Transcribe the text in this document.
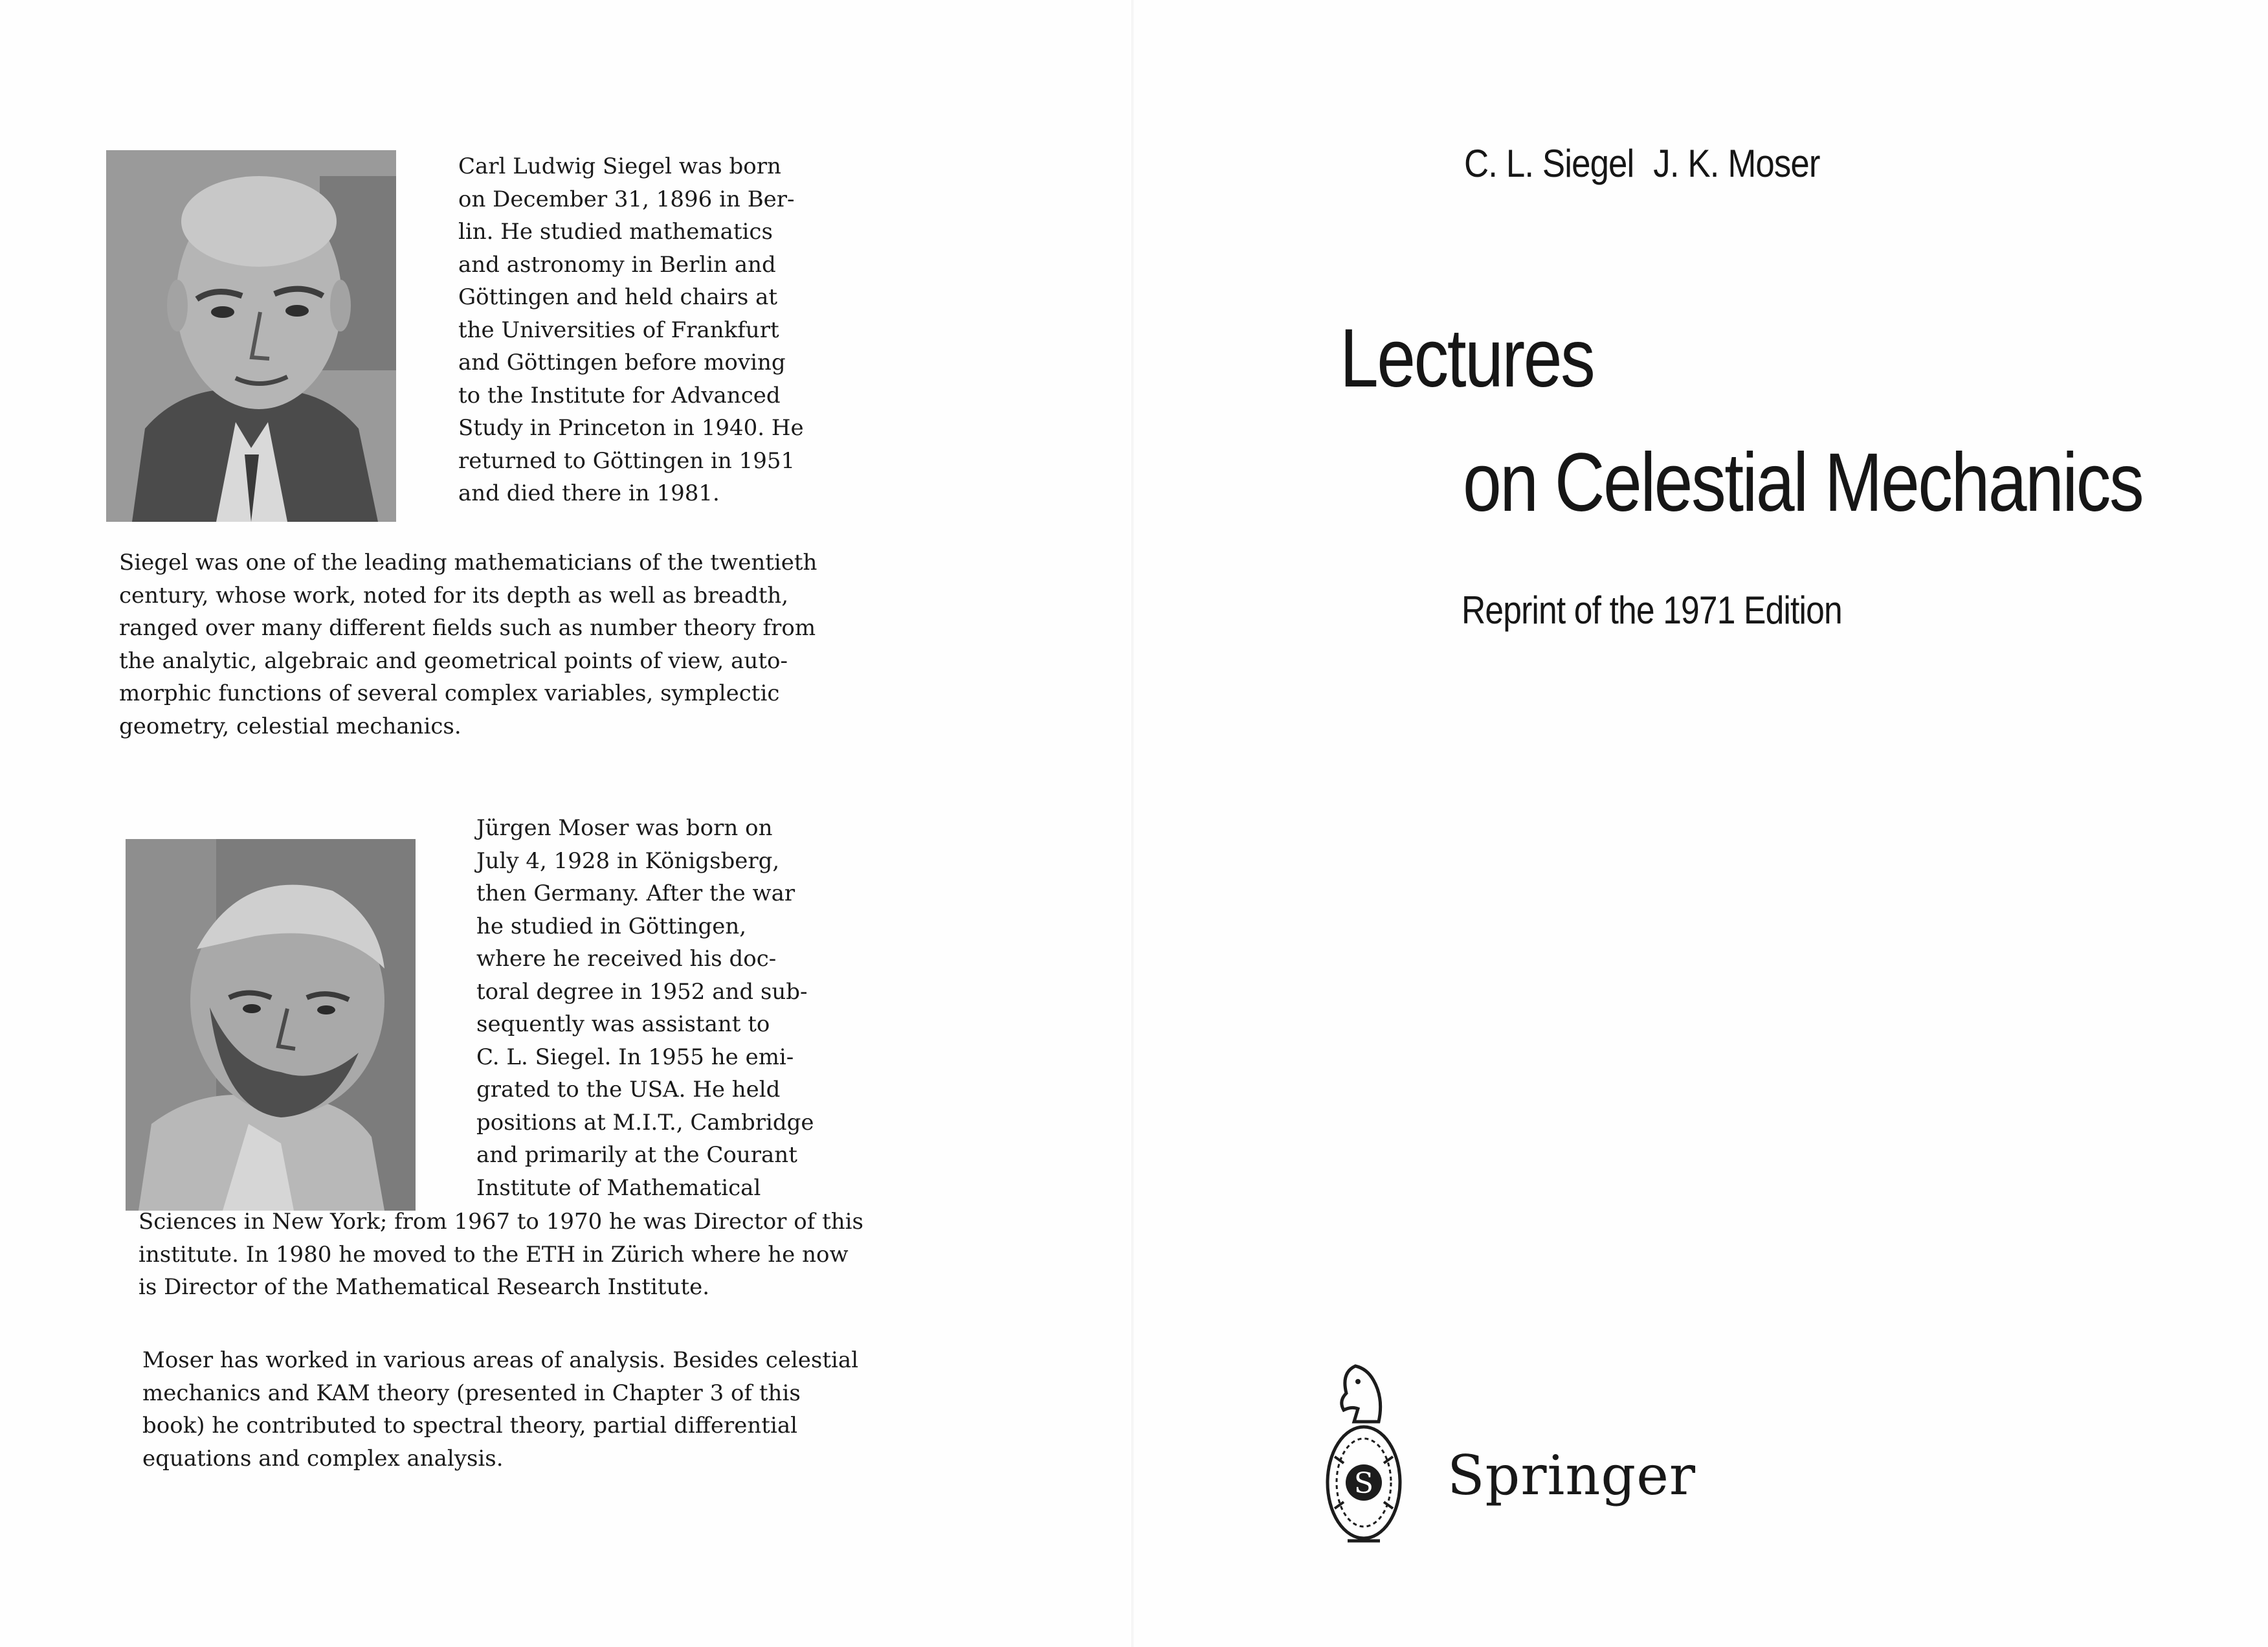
Carl Ludwig Siegel was born
on December 31, 1896 in Ber-
lin. He studied mathematics
and astronomy in Berlin and
Göttingen and held chairs at
the Universities of Frankfurt
and Göttingen before moving
to the Institute for Advanced
Study in Princeton in 1940. He
returned to Göttingen in 1951
and died there in 1981.

Siegel was one of the leading mathematicians of the twentieth
century, whose work, noted for its depth as well as breadth,
ranged over many different fields such as number theory from
the analytic, algebraic and geometrical points of view, auto-
morphic functions of several complex variables, symplectic
geometry, celestial mechanics.

Jürgen Moser was born on
July 4, 1928 in Königsberg,
then Germany. After the war
he studied in Göttingen,
where he received his doc-
toral degree in 1952 and sub-
sequently was assistant to
C. L. Siegel. In 1955 he emi-
grated to the USA. He held
positions at M.I.T., Cambridge
and primarily at the Courant
Institute of Mathematical

Sciences in New York; from 1967 to 1970 he was Director of this
institute. In 1980 he moved to the ETH in Zürich where he now
is Director of the Mathematical Research Institute.

Moser has worked in various areas of analysis. Besides celestial
mechanics and KAM theory (presented in Chapter 3 of this
book) he contributed to spectral theory, partial differential
equations and complex analysis.

C. L. Siegel J. K. Moser
Lectures
on Celestial Mechanics
Reprint of the 1971 Edition
S Springer
